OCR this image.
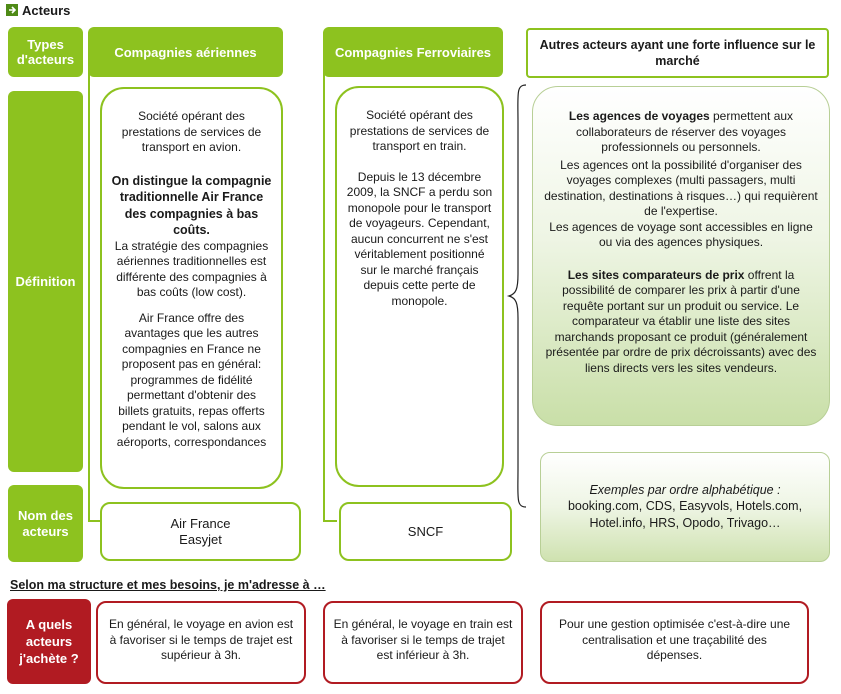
Acteurs
Types d'acteurs
Définition
Nom des acteurs
Compagnies aériennes

Société opérant des prestations de services de transport en avion.

On distingue la compagnie traditionnelle Air France des compagnies à bas coûts.

La stratégie des compagnies aériennes traditionnelles est différente des compagnies à bas coûts (low cost).

Air France offre des avantages que les autres compagnies en France ne proposent pas en général: programmes de fidélité permettant d'obtenir des billets gratuits, repas offerts pendant le vol, salons aux aéroports, correspondances

Air France
Easyjet
Compagnies Ferroviaires

Société opérant des prestations de services de transport en train.

Depuis le 13 décembre 2009, la SNCF a perdu son monopole pour le transport de voyageurs. Cependant, aucun concurrent ne s'est véritablement positionné sur le marché français depuis cette perte de monopole.

SNCF
Autres acteurs ayant une forte influence sur le marché

Les agences de voyages permettent aux collaborateurs de réserver des voyages professionnels ou personnels.

Les agences ont la possibilité d'organiser des voyages complexes (multi passagers, multi destination, destinations à risques…) qui requièrent de l'expertise.

Les agences de voyage sont accessibles en ligne ou via des agences physiques.

Les sites comparateurs de prix offrent la possibilité de comparer les prix à partir d'une requête portant sur un produit ou service. Le comparateur va établir une liste des sites marchands proposant ce produit (généralement présentée par ordre de prix décroissants) avec des liens directs vers les sites vendeurs.

Exemples par ordre alphabétique :
booking.com, CDS, Easyvols, Hotels.com, Hotel.info, HRS, Opodo, Trivago…
Selon ma structure et mes besoins, je m'adresse à …
A quels acteurs j'achète ?

En général, le voyage en avion est à favoriser si le temps de trajet est supérieur à 3h.

En général, le voyage en train est à favoriser si le temps de trajet est inférieur à 3h.

Pour une gestion optimisée c'est-à-dire une centralisation et une traçabilité des dépenses.
